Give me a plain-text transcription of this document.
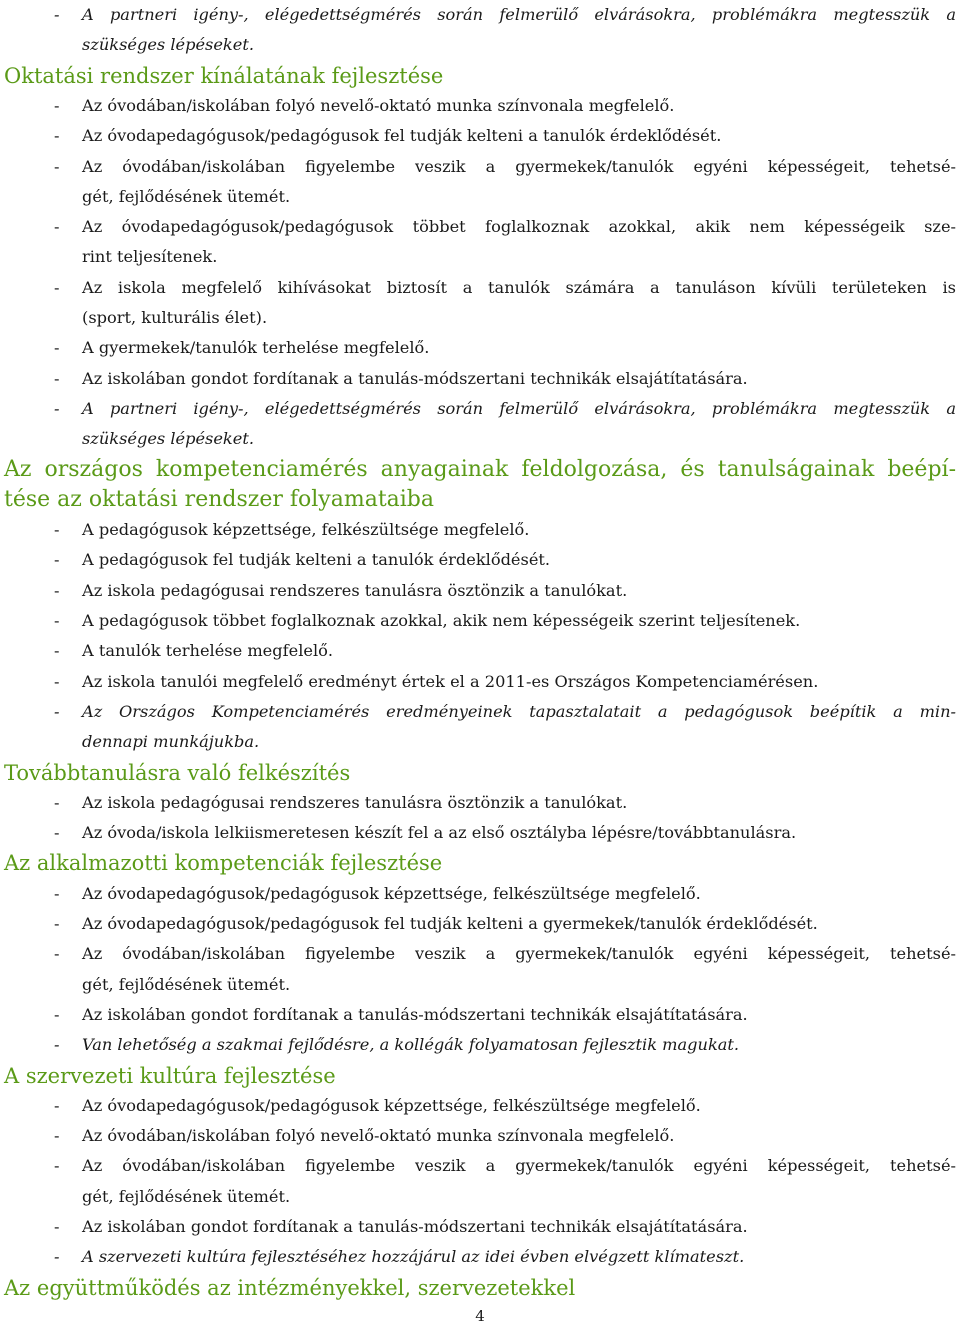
- A partneri igény-, elégedettségmérés során felmerülő elvárásokra, problémákra megtesszük a
szükséges lépéseket.
Oktatási rendszer kínálatának fejlesztése
- Az óvodában/iskolában folyó nevelő-oktató munka színvonala megfelelő.
- Az óvodapedagógusok/pedagógusok fel tudják kelteni a tanulók érdeklődését.
- Az óvodában/iskolában figyelembe veszik a gyermekek/tanulók egyéni képességeit, tehetsé-
gét, fejlődésének ütemét.
- Az óvodapedagógusok/pedagógusok többet foglalkoznak azokkal, akik nem képességeik sze-
rint teljesítenek.
- Az iskola megfelelő kihívásokat biztosít a tanulók számára a tanuláson kívüli területeken is
(sport, kulturális élet).
- A gyermekek/tanulók terhelése megfelelő.
- Az iskolában gondot fordítanak a tanulás-módszertani technikák elsajátítatására.
- A partneri igény-, elégedettségmérés során felmerülő elvárásokra, problémákra megtesszük a
szükséges lépéseket.
Az országos kompetenciamérés anyagainak feldolgozása, és tanulságainak beépí-
tése az oktatási rendszer folyamataiba
- A pedagógusok képzettsége, felkészültsége megfelelő.
- A pedagógusok fel tudják kelteni a tanulók érdeklődését.
- Az iskola pedagógusai rendszeres tanulásra ösztönzik a tanulókat.
- A pedagógusok többet foglalkoznak azokkal, akik nem képességeik szerint teljesítenek.
- A tanulók terhelése megfelelő.
- Az iskola tanulói megfelelő eredményt értek el a 2011-es Országos Kompetenciamérésen.
- Az Országos Kompetenciamérés eredményeinek tapasztalatait a pedagógusok beépítik a min-
dennapi munkájukba.
Továbbtanulásra való felkészítés
- Az iskola pedagógusai rendszeres tanulásra ösztönzik a tanulókat.
- Az óvoda/iskola lelkiismeretesen készít fel a az első osztályba lépésre/továbbtanulásra.
Az alkalmazotti kompetenciák fejlesztése
- Az óvodapedagógusok/pedagógusok képzettsége, felkészültsége megfelelő.
- Az óvodapedagógusok/pedagógusok fel tudják kelteni a gyermekek/tanulók érdeklődését.
- Az óvodában/iskolában figyelembe veszik a gyermekek/tanulók egyéni képességeit, tehetsé-
gét, fejlődésének ütemét.
- Az iskolában gondot fordítanak a tanulás-módszertani technikák elsajátítatására.
- Van lehetőség a szakmai fejlődésre, a kollégák folyamatosan fejlesztik magukat.
A szervezeti kultúra fejlesztése
- Az óvodapedagógusok/pedagógusok képzettsége, felkészültsége megfelelő.
- Az óvodában/iskolában folyó nevelő-oktató munka színvonala megfelelő.
- Az óvodában/iskolában figyelembe veszik a gyermekek/tanulók egyéni képességeit, tehetsé-
gét, fejlődésének ütemét.
- Az iskolában gondot fordítanak a tanulás-módszertani technikák elsajátítatására.
- A szervezeti kultúra fejlesztéséhez hozzájárul az idei évben elvégzett klímateszt.
Az együttműködés az intézményekkel, szervezetekkel
4
